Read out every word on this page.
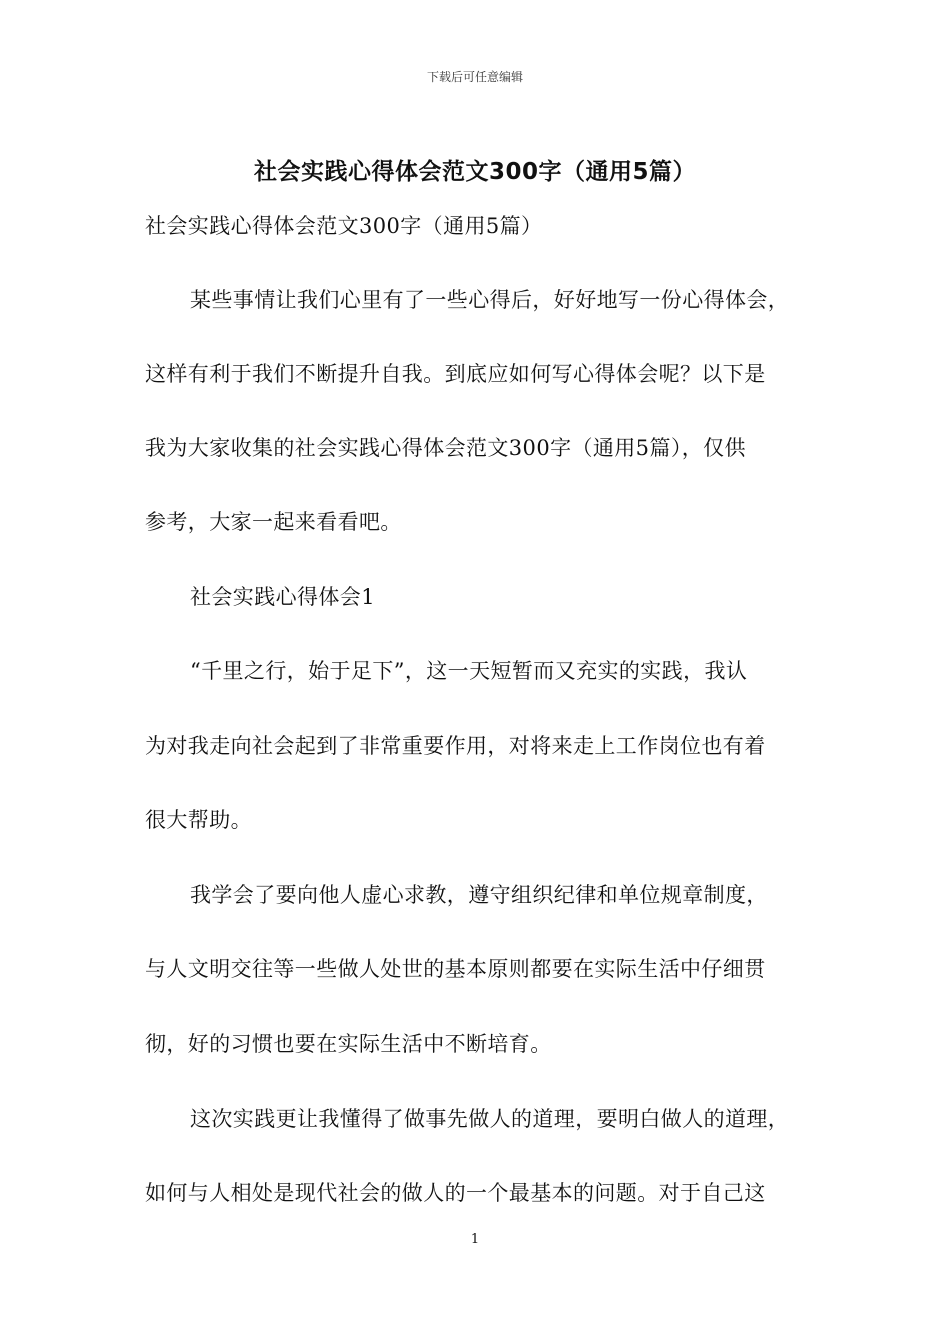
下载后可任意编辑
社会实践心得体会范文300字（通用5篇）
社会实践心得体会范文300字（通用5篇）
某些事情让我们心里有了一些心得后，好好地写一份心得体会，
这样有利于我们不断提升自我。到底应如何写心得体会呢？以下是
我为大家收集的社会实践心得体会范文300字（通用5篇），仅供
参考，大家一起来看看吧。
社会实践心得体会1
“千里之行，始于足下”，这一天短暂而又充实的实践，我认
为对我走向社会起到了非常重要作用，对将来走上工作岗位也有着
很大帮助。
我学会了要向他人虚心求教，遵守组织纪律和单位规章制度，
与人文明交往等一些做人处世的基本原则都要在实际生活中仔细贯
彻，好的习惯也要在实际生活中不断培育。
这次实践更让我懂得了做事先做人的道理，要明白做人的道理，
如何与人相处是现代社会的做人的一个最基本的问题。对于自己这
1
